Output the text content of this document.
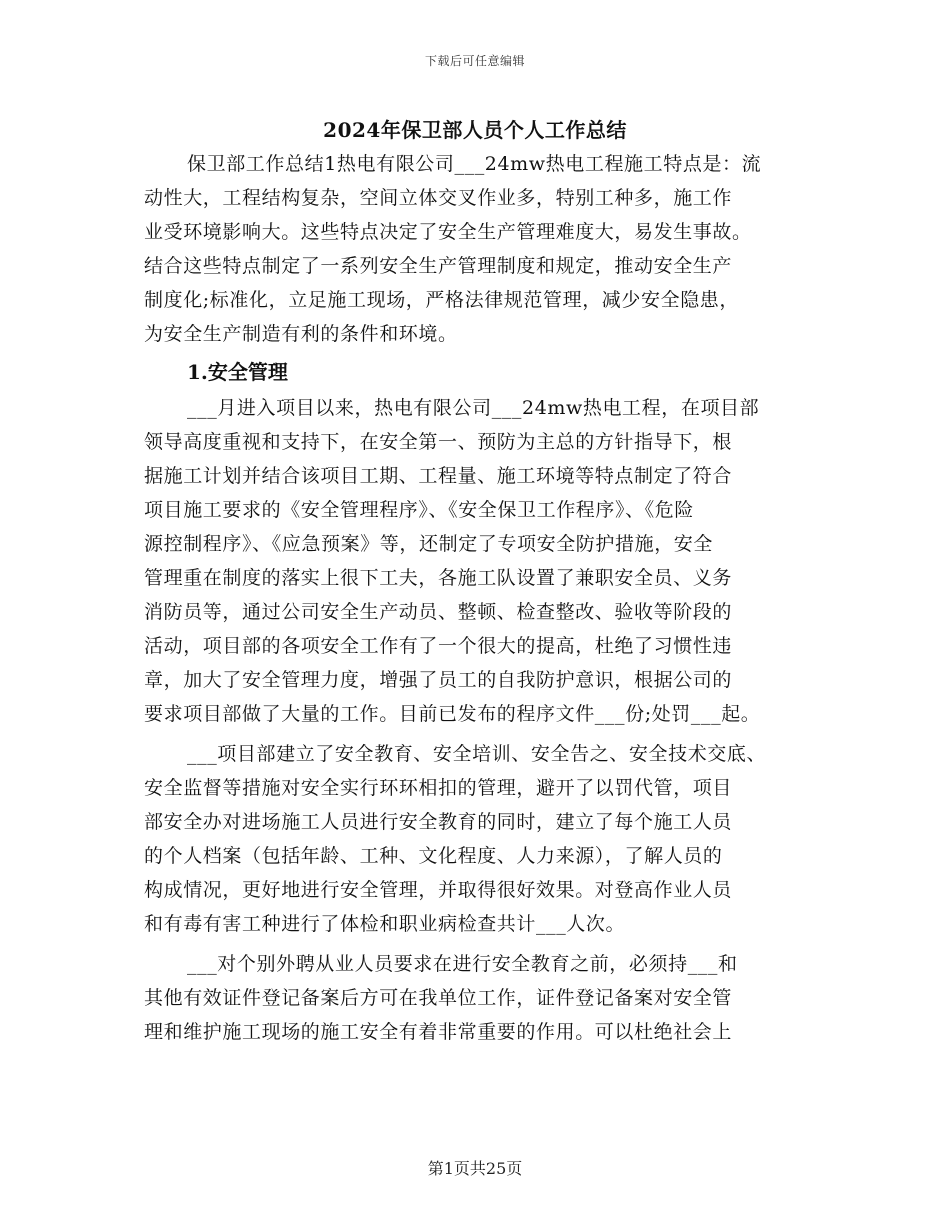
下载后可任意编辑
2024年保卫部人员个人工作总结
保卫部工作总结1热电有限公司___24mw热电工程施工特点是：流
动性大，工程结构复杂，空间立体交叉作业多，特别工种多，施工作
业受环境影响大。这些特点决定了安全生产管理难度大，易发生事故。
结合这些特点制定了一系列安全生产管理制度和规定，推动安全生产
制度化;标准化，立足施工现场，严格法律规范管理，减少安全隐患，
为安全生产制造有利的条件和环境。
1.安全管理
___月进入项目以来，热电有限公司___24mw热电工程，在项目部
领导高度重视和支持下，在安全第一、预防为主总的方针指导下，根
据施工计划并结合该项目工期、工程量、施工环境等特点制定了符合
项目施工要求的《安全管理程序》、《安全保卫工作程序》、《危险
源控制程序》、《应急预案》等，还制定了专项安全防护措施，安全
管理重在制度的落实上很下工夫，各施工队设置了兼职安全员、义务
消防员等，通过公司安全生产动员、整顿、检查整改、验收等阶段的
活动，项目部的各项安全工作有了一个很大的提高，杜绝了习惯性违
章，加大了安全管理力度，增强了员工的自我防护意识，根据公司的
要求项目部做了大量的工作。目前已发布的程序文件___份;处罚___起。
___项目部建立了安全教育、安全培训、安全告之、安全技术交底、
安全监督等措施对安全实行环环相扣的管理，避开了以罚代管，项目
部安全办对进场施工人员进行安全教育的同时，建立了每个施工人员
的个人档案（包括年龄、工种、文化程度、人力来源），了解人员的
构成情况，更好地进行安全管理，并取得很好效果。对登高作业人员
和有毒有害工种进行了体检和职业病检查共计___人次。
___对个别外聘从业人员要求在进行安全教育之前，必须持___和
其他有效证件登记备案后方可在我单位工作，证件登记备案对安全管
理和维护施工现场的施工安全有着非常重要的作用。可以杜绝社会上
第1页共25页
